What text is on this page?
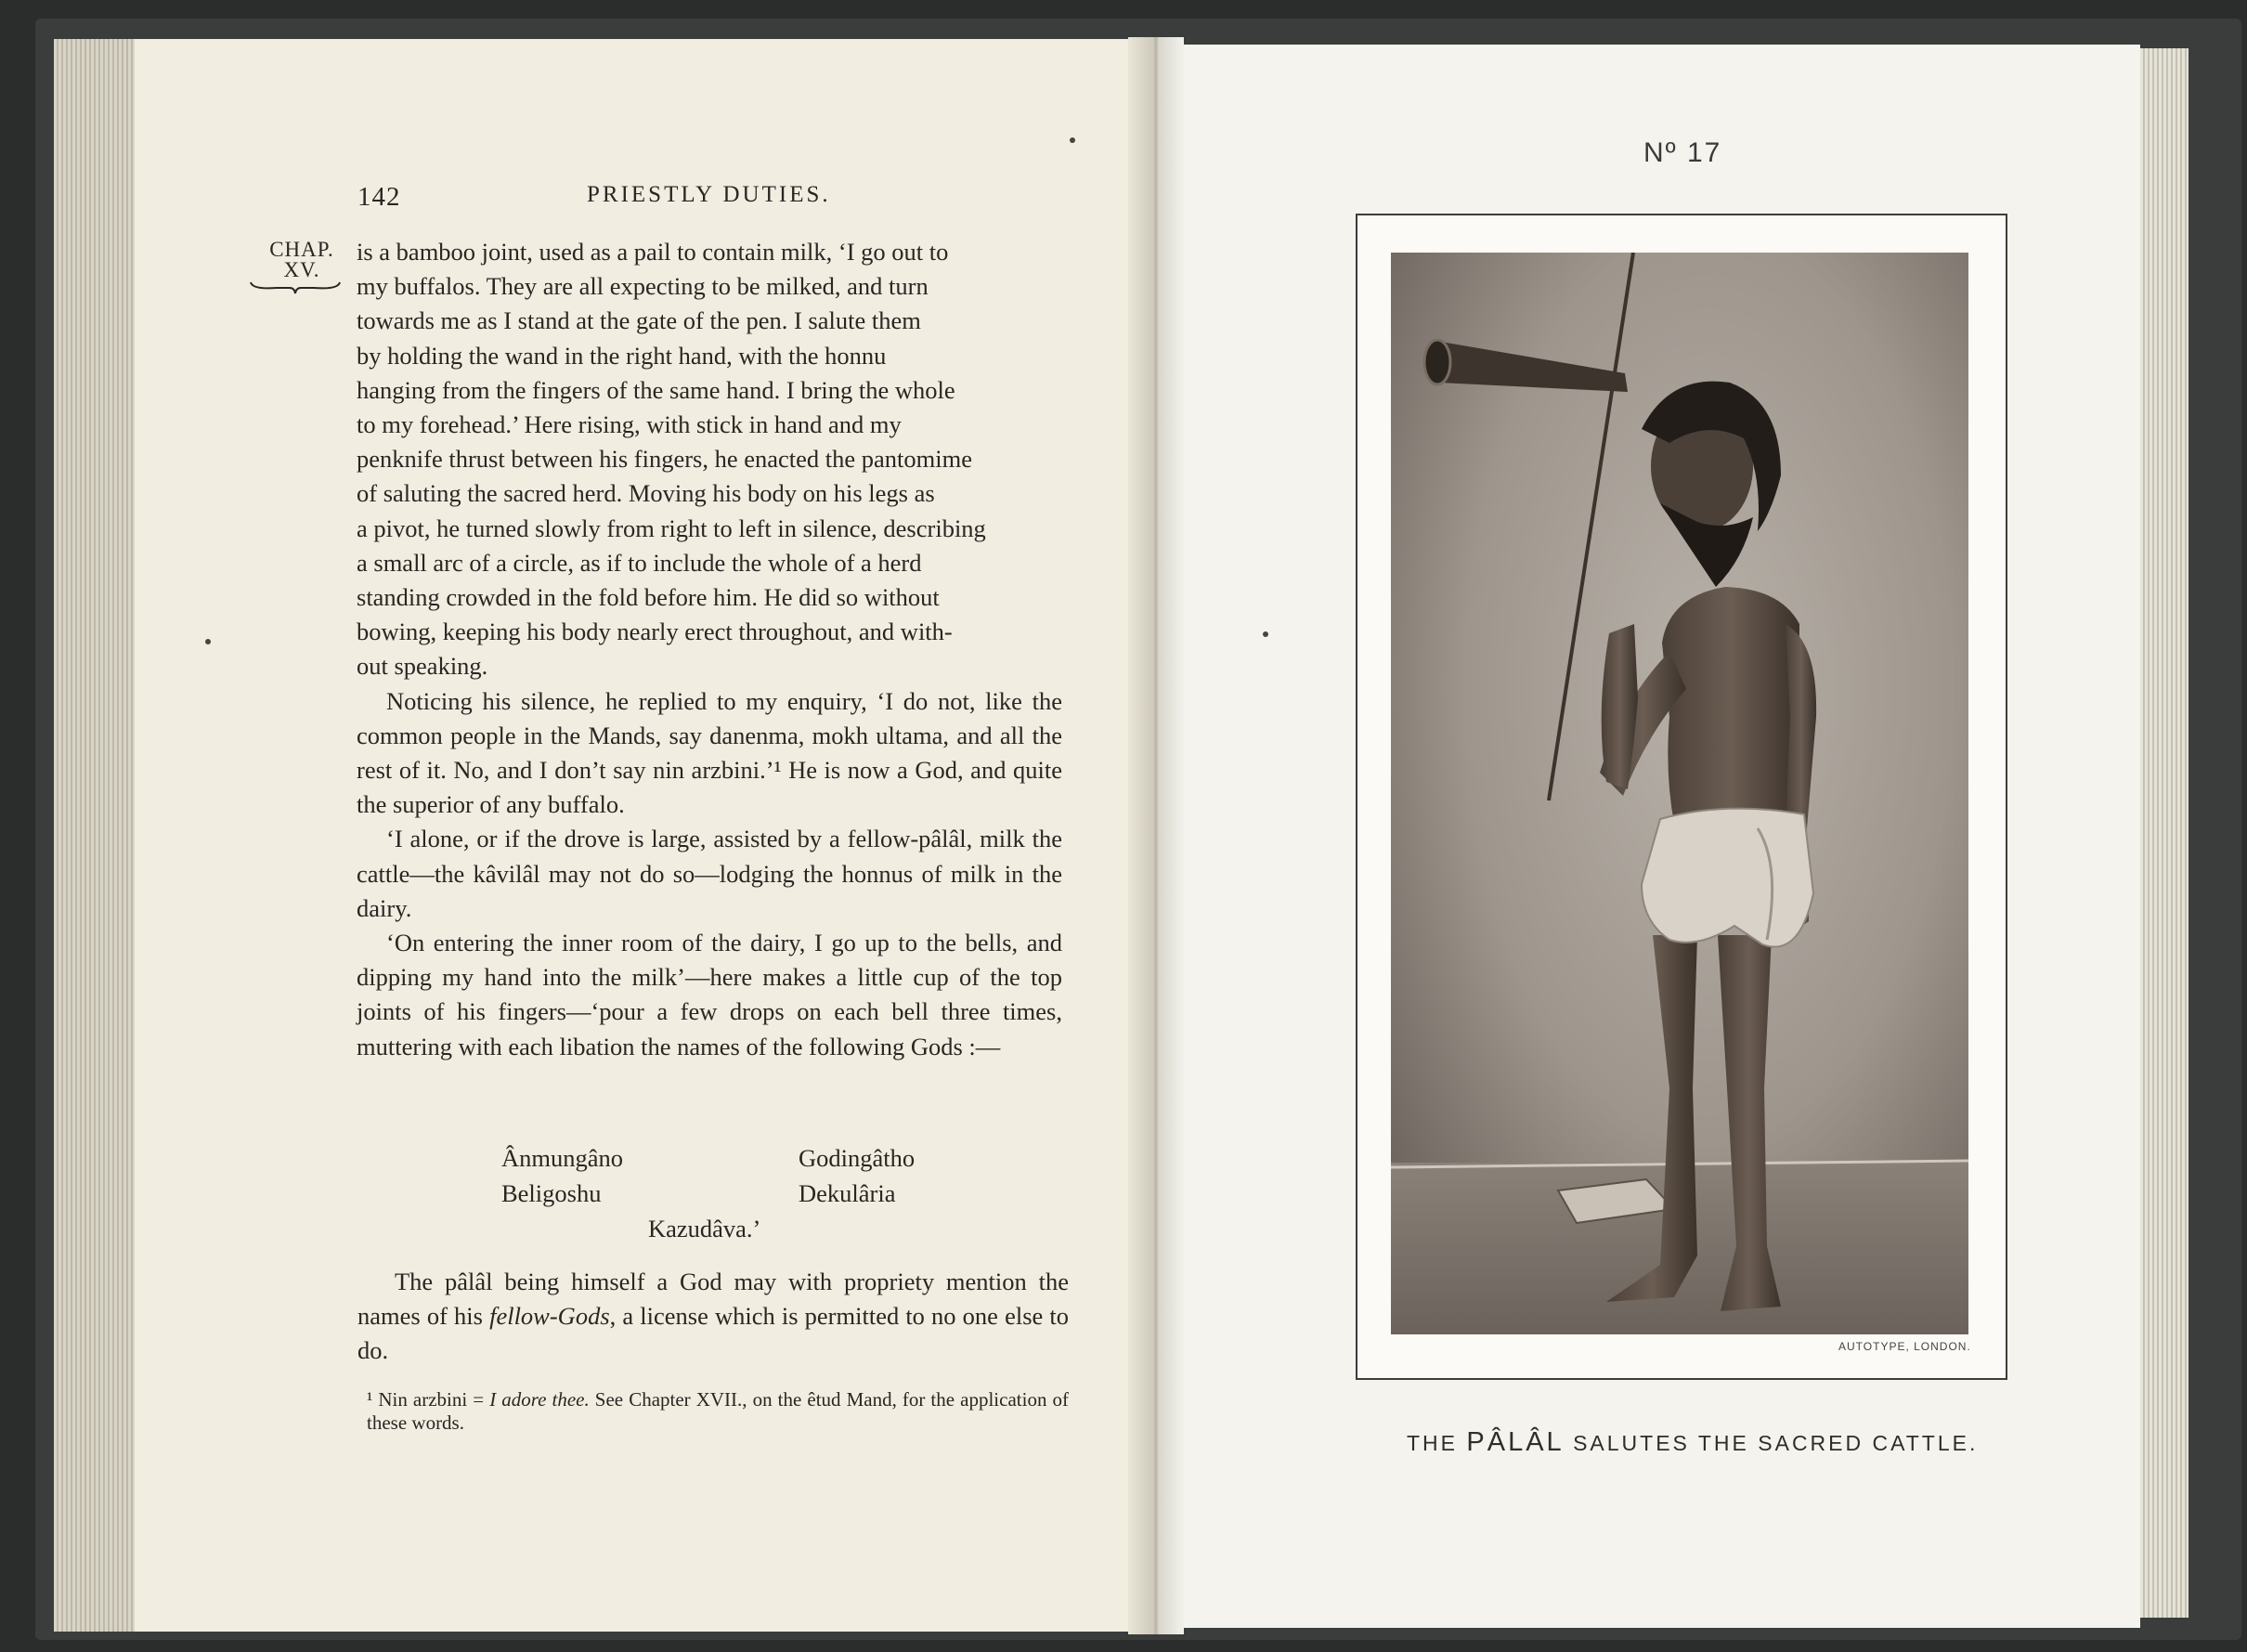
142	PRIESTLY DUTIES.
CHAP.
XV.
is a bamboo joint, used as a pail to contain milk, ‘I go out to
my buffalos. They are all expecting to be milked, and turn
towards me as I stand at the gate of the pen. I salute them
by holding the wand in the right hand, with the honnu
hanging from the fingers of the same hand. I bring the whole
to my forehead.’ Here rising, with stick in hand and my
penknife thrust between his fingers, he enacted the pantomime
of saluting the sacred herd. Moving his body on his legs as
a pivot, he turned slowly from right to left in silence, describing
a small arc of a circle, as if to include the whole of a herd
standing crowded in the fold before him. He did so without
bowing, keeping his body nearly erect throughout, and with-
out speaking.

Noticing his silence, he replied to my enquiry, ‘I do not, like the common people in the Mands, say danenma, mokh ultama, and all the rest of it. No, and I don’t say nin arzbini.’¹ He is now a God, and quite the superior of any buffalo.

‘I alone, or if the drove is large, assisted by a fellow-pâlâl, milk the cattle—the kâvilâl may not do so—lodging the honnus of milk in the dairy.

‘On entering the inner room of the dairy, I go up to the bells, and dipping my hand into the milk’—here makes a little cup of the top joints of his fingers—‘pour a few drops on each bell three times, muttering with each libation the names of the following Gods :—

Ânmungâno	Godingâtho
Beligoshu	Dekulâria
Kazudâva.’

The pâlâl being himself a God may with propriety mention the names of his fellow-Gods, a license which is permitted to no one else to do.

¹ Nin arzbini = I adore thee. See Chapter XVII., on the êtud Mand, for the application of these words.

Nº 17
AUTOTYPE, LONDON.
THE PÂLÂL SALUTES THE SACRED CATTLE.
